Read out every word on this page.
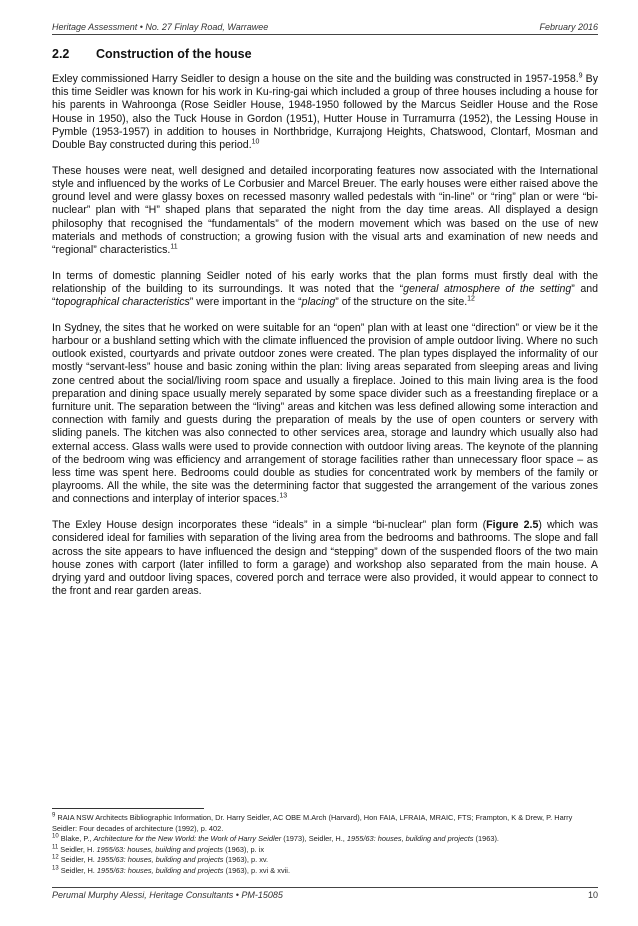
Heritage Assessment • No. 27 Finlay Road, Warrawee	February 2016
2.2	Construction of the house

Exley commissioned Harry Seidler to design a house on the site and the building was constructed in 1957-1958.$^9$ By this time Seidler was known for his work in Ku-ring-gai which included a group of three houses including a house for his parents in Wahroonga (Rose Seidler House, 1948-1950 followed by the Marcus Seidler House and the Rose House in 1950), also the Tuck House in Gordon (1951), Hutter House in Turramurra (1952), the Lessing House in Pymble (1953-1957) in addition to houses in Northbridge, Kurrajong Heights, Chatswood, Clontarf, Mosman and Double Bay constructed during this period.$^{10}$

These houses were neat, well designed and detailed incorporating features now associated with the International style and influenced by the works of Le Corbusier and Marcel Breuer. The early houses were either raised above the ground level and were glassy boxes on recessed masonry walled pedestals with “in-line” or “ring” plan or were “bi-nuclear” plan with “H” shaped plans that separated the night from the day time areas. All displayed a design philosophy that recognised the “fundamentals” of the modern movement which was based on the use of new materials and methods of construction; a growing fusion with the visual arts and examination of new needs and “regional” characteristics.$^{11}$

In terms of domestic planning Seidler noted of his early works that the plan forms must firstly deal with the relationship of the building to its surroundings. It was noted that the “general atmosphere of the setting” and “topographical characteristics” were important in the “placing” of the structure on the site.$^{12}$

In Sydney, the sites that he worked on were suitable for an “open” plan with at least one “direction” or view be it the harbour or a bushland setting which with the climate influenced the provision of ample outdoor living. Where no such outlook existed, courtyards and private outdoor zones were created. The plan types displayed the informality of our mostly “servant-less” house and basic zoning within the plan: living areas separated from sleeping areas and living zone centred about the social/living room space and usually a fireplace. Joined to this main living area is the food preparation and dining space usually merely separated by some space divider such as a freestanding fireplace or a furniture unit. The separation between the “living” areas and kitchen was less defined allowing some interaction and connection with family and guests during the preparation of meals by the use of open counters or servery with sliding panels. The kitchen was also connected to other services area, storage and laundry which usually also had external access. Glass walls were used to provide connection with outdoor living areas. The keynote of the planning of the bedroom wing was efficiency and arrangement of storage facilities rather than unnecessary floor space – as less time was spent here. Bedrooms could double as studies for concentrated work by members of the family or playrooms. All the while, the site was the determining factor that suggested the arrangement of the various zones and connections and interplay of interior spaces.$^{13}$

The Exley House design incorporates these “ideals” in a simple “bi-nuclear” plan form (Figure 2.5) which was considered ideal for families with separation of the living area from the bedrooms and bathrooms. The slope and fall across the site appears to have influenced the design and “stepping” down of the suspended floors of the two main house zones with carport (later infilled to form a garage) and workshop also separated from the main house. A drying yard and outdoor living spaces, covered porch and terrace were also provided, it would appear to connect to the front and rear garden areas.

$^9$ RAIA NSW Architects Bibliographic Information, Dr. Harry Seidler, AC OBE M.Arch (Harvard), Hon FAIA, LFRAIA, MRAIC, FTS; Frampton, K & Drew, P. Harry Seidler: Four decades of architecture (1992), p. 402.
$^{10}$ Blake, P., Architecture for the New World: the Work of Harry Seidler (1973), Seidler, H., 1955/63: houses, building and projects (1963).
$^{11}$ Seidler, H. 1955/63: houses, building and projects (1963), p. ix
$^{12}$ Seidler, H. 1955/63: houses, building and projects (1963), p. xv.
$^{13}$ Seidler, H. 1955/63: houses, building and projects (1963), p. xvi & xvii.
Perumal Murphy Alessi, Heritage Consultants • PM-15085	10
